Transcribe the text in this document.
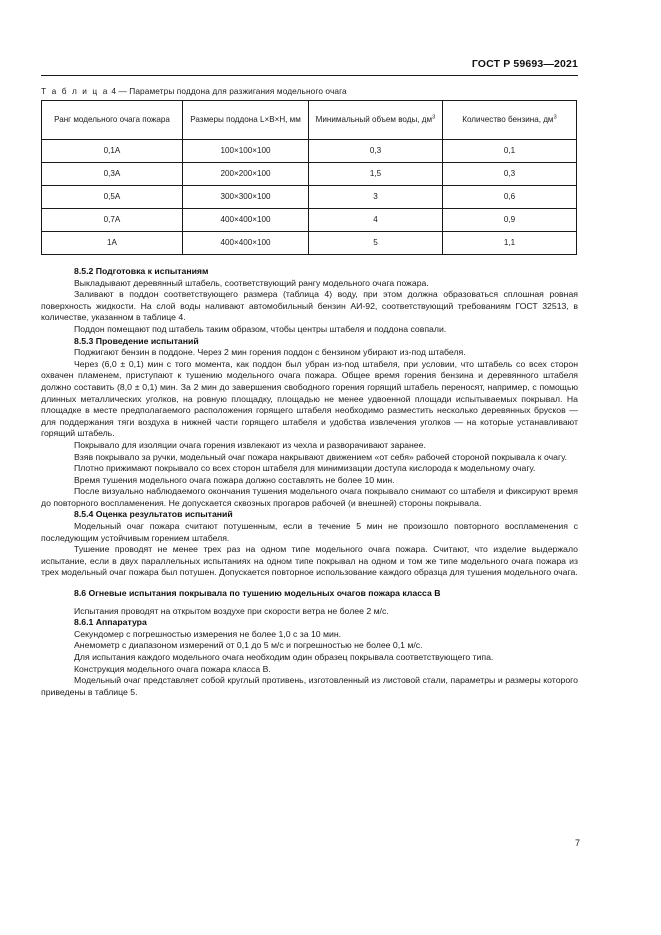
ГОСТ Р 59693—2021

Т а б л и ц а 4 — Параметры поддона для разжигания модельного очага

Ранг модельного очага пожара	Размеры поддона L×B×H, мм	Минимальный объем воды, $дм^3$	Количество бензина, $дм^3$
0,1A	100×100×100	0,3	0,1
0,3A	200×200×100	1,5	0,3
0,5A	300×300×100	3	0,6
0,7A	400×400×100	4	0,9
1A	400×400×100	5	1,1
8.5.2 Подготовка к испытаниям

Выкладывают деревянный штабель, соответствующий рангу модельного очага пожара.

Заливают в поддон соответствующего размера (таблица 4) воду, при этом должна образоваться сплошная ровная поверхность жидкости. На слой воды наливают автомобильный бензин АИ-92, соответствующий требованиям ГОСТ 32513, в количестве, указанном в таблице 4.

Поддон помещают под штабель таким образом, чтобы центры штабеля и поддона совпали.

8.5.3 Проведение испытаний

Поджигают бензин в поддоне. Через 2 мин горения поддон с бензином убирают из-под штабеля.

Через (6,0 ± 0,1) мин с того момента, как поддон был убран из-под штабеля, при условии, что штабель со всех сторон охвачен пламенем, приступают к тушению модельного очага пожара. Общее время горения бензина и деревянного штабеля должно составить (8,0 ± 0,1) мин. За 2 мин до завершения свободного горения горящий штабель переносят, например, с помощью длинных металлических уголков, на ровную площадку, площадью не менее удвоенной площади испытываемых покрывал. На площадке в месте предполагаемого расположения горящего штабеля необходимо разместить несколько деревянных брусков — для поддержания тяги воздуха в нижней части горящего штабеля и удобства извлечения уголков — на которые устанавливают горящий штабель.

Покрывало для изоляции очага горения извлекают из чехла и разворачивают заранее.

Взяв покрывало за ручки, модельный очаг пожара накрывают движением «от себя» рабочей стороной покрывала к очагу.

Плотно прижимают покрывало со всех сторон штабеля для минимизации доступа кислорода к модельному очагу.

Время тушения модельного очага пожара должно составлять не более 10 мин.

После визуально наблюдаемого окончания тушения модельного очага покрывало снимают со штабеля и фиксируют время до повторного воспламенения. Не допускается сквозных прогаров рабочей (и внешней) стороны покрывала.

8.5.4 Оценка результатов испытаний

Модельный очаг пожара считают потушенным, если в течение 5 мин не произошло повторного воспламенения с последующим устойчивым горением штабеля.

Тушение проводят не менее трех раз на одном типе модельного очага пожара. Считают, что изделие выдержало испытание, если в двух параллельных испытаниях на одном типе покрывал на одном и том же типе модельного очага пожара из трех модельный очаг пожара был потушен. Допускается повторное использование каждого образца для тушения модельного очага.

8.6 Огневые испытания покрывала по тушению модельных очагов пожара класса В

Испытания проводят на открытом воздухе при скорости ветра не более 2 м/с.

8.6.1 Аппаратура

Секундомер с погрешностью измерения не более 1,0 с за 10 мин.

Анемометр с диапазоном измерений от 0,1 до 5 м/с и погрешностью не более 0,1 м/с.

Для испытания каждого модельного очага необходим один образец покрывала соответствующего типа.

Конструкция модельного очага пожара класса В.

Модельный очаг представляет собой круглый противень, изготовленный из листовой стали, параметры и размеры которого приведены в таблице 5.

7
